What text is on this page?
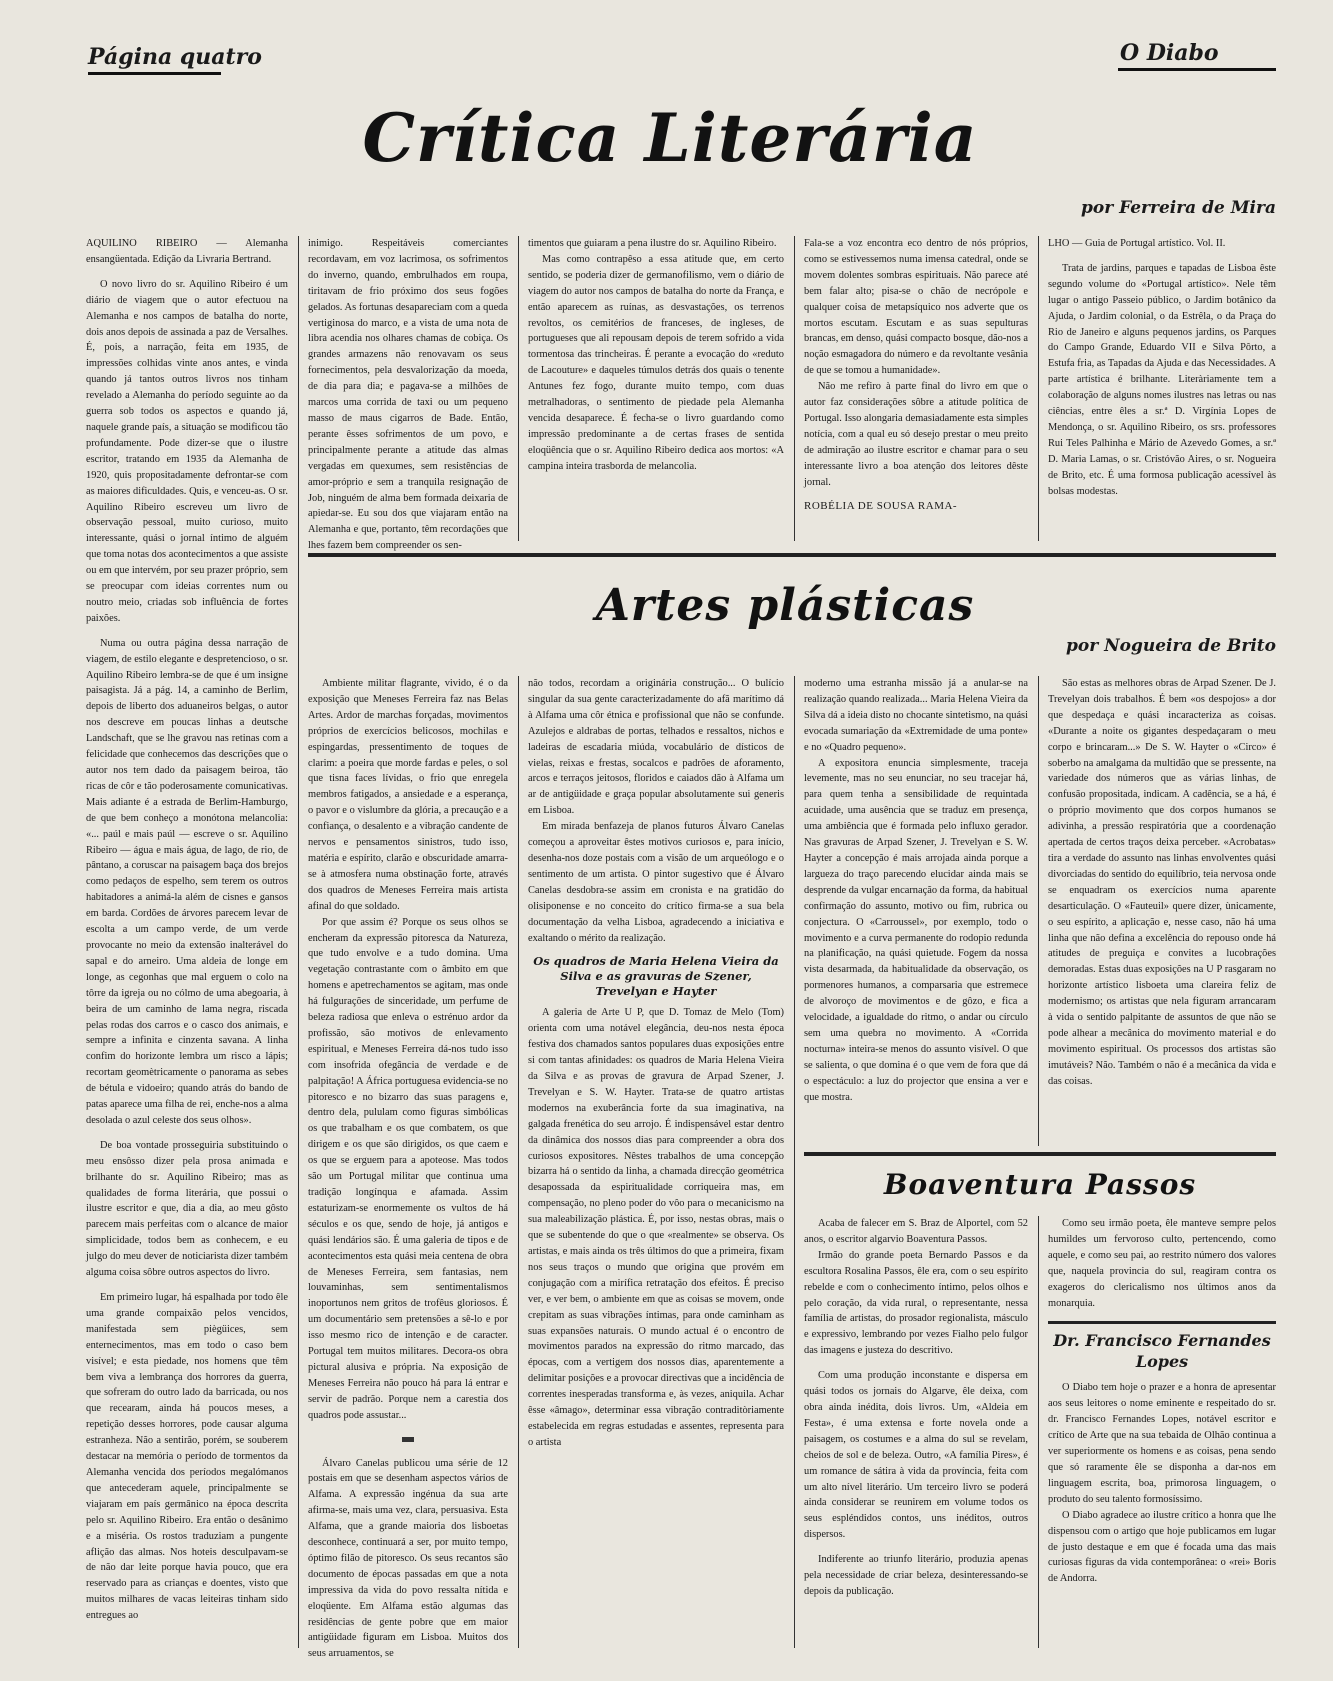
Página quatro	O Diabo
Crítica Literária
por Ferreira de Mira

AQUILINO RIBEIRO — Alemanha ensangüentada. Edição da Livraria Bertrand.

O novo livro do sr. Aquilino Ribeiro é um diário de viagem que o autor efectuou na Alemanha e nos campos de batalha do norte, dois anos depois de assinada a paz de Versalhes. É, pois, a narração, feita em 1935, de impressões colhidas vinte anos antes, e vinda quando já tantos outros livros nos tinham revelado a Alemanha do período seguinte ao da guerra sob todos os aspectos e quando já, naquele grande país, a situação se modificou tão profundamente. Pode dizer-se que o ilustre escritor, tratando em 1935 da Alemanha de 1920, quis propositadamente defrontar-se com as maiores dificuldades. Quis, e venceu-as. O sr. Aquilino Ribeiro escreveu um livro de observação pessoal, muito curioso, muito interessante, quási o jornal íntimo de alguém que toma notas dos acontecimentos a que assiste ou em que intervém, por seu prazer próprio, sem se preocupar com ideias correntes num ou noutro meio, criadas sob influência de fortes paixões.

Numa ou outra página dessa narração de viagem, de estilo elegante e despretencioso, o sr. Aquilino Ribeiro lembra-se de que é um insigne paisagista. Já a pág. 14, a caminho de Berlim, depois de liberto dos aduaneiros belgas, o autor nos descreve em poucas linhas a deutsche Landschaft, que se lhe gravou nas retinas com a felicidade que conhecemos das descrições que o autor nos tem dado da paisagem beiroa, tão ricas de côr e tão poderosamente comunicativas. Mais adiante é a estrada de Berlim-Hamburgo, de que bem conheço a monótona melancolia: «... paúl e mais paúl — escreve o sr. Aquilino Ribeiro — água e mais água, de lago, de rio, de pântano, a coruscar na paisagem baça dos brejos como pedaços de espelho, sem terem os outros habitadores a animá-la além de cisnes e gansos em barda. Cordões de árvores parecem levar de escolta a um campo verde, de um verde provocante no meio da extensão inalterável do sapal e do arneiro. Uma aldeia de longe em longe, as cegonhas que mal erguem o colo na tôrre da igreja ou no cólmo de uma abegoaria, à beira de um caminho de lama negra, riscada pelas rodas dos carros e o casco dos animais, e sempre a infinita e cinzenta savana. A linha confim do horizonte lembra um risco a lápis; recortam geomètricamente o panorama as sebes de bétula e vidoeiro; quando atrás do bando de patas aparece uma filha de rei, enche-nos a alma desolada o azul celeste dos seus olhos».

De boa vontade prosseguiria substituindo o meu ensôsso dizer pela prosa animada e brilhante do sr. Aquilino Ribeiro; mas as qualidades de forma literária, que possui o ilustre escritor e que, dia a dia, ao meu gôsto parecem mais perfeitas com o alcance de maior simplicidade, todos bem as conhecem, e eu julgo do meu dever de noticiarista dizer também alguma coisa sôbre outros aspectos do livro.

Em primeiro lugar, há espalhada por todo êle uma grande compaixão pelos vencidos, manifestada sem piègüices, sem enternecimentos, mas em todo o caso bem visível; e esta piedade, nos homens que têm bem viva a lembrança dos horrores da guerra, que sofreram do outro lado da barricada, ou nos que recearam, ainda há poucos meses, a repetição desses horrores, pode causar alguma estranheza. Não a sentirão, porém, se souberem destacar na memória o período de tormentos da Alemanha vencida dos períodos megalómanos que antecederam aquele, principalmente se viajaram em país germânico na época descrita pelo sr. Aquilino Ribeiro. Era então o desânimo e a miséria. Os rostos traduziam a pungente aflição das almas. Nos hoteis desculpavam-se de não dar leite porque havia pouco, que era reservado para as crianças e doentes, visto que muitos milhares de vacas leiteiras tinham sido entregues ao

inimigo. Respeitáveis comerciantes recordavam, em voz lacrimosa, os sofrimentos do inverno, quando, embrulhados em roupa, tiritavam de frio próximo dos seus fogões gelados. As fortunas desapareciam com a queda vertiginosa do marco, e a vista de uma nota de libra acendia nos olhares chamas de cobiça. Os grandes armazens não renovavam os seus fornecimentos, pela desvalorização da moeda, de dia para dia; e pagava-se a milhões de marcos uma corrida de taxi ou um pequeno masso de maus cigarros de Bade. Então, perante êsses sofrimentos de um povo, e principalmente perante a atitude das almas vergadas em quexumes, sem resistências de amor-próprio e sem a tranquila resignação de Job, ninguém de alma bem formada deixaria de apiedar-se. Eu sou dos que viajaram então na Alemanha e que, portanto, têm recordações que lhes fazem bem compreender os sen-

timentos que guiaram a pena ilustre do sr. Aquilino Ribeiro.

Mas como contrapêso a essa atitude que, em certo sentido, se poderia dizer de germanofilismo, vem o diário de viagem do autor nos campos de batalha do norte da França, e então aparecem as ruínas, as desvastações, os terrenos revoltos, os cemitérios de franceses, de ingleses, de portugueses que ali repousam depois de terem sofrido a vida tormentosa das trincheiras. É perante a evocação do «reduto de Lacouture» e daqueles túmulos detrás dos quais o tenente Antunes fez fogo, durante muito tempo, com duas metralhadoras, o sentimento de piedade pela Alemanha vencida desaparece. É fecha-se o livro guardando como impressão predominante a de certas frases de sentida eloqüência que o sr. Aquilino Ribeiro dedica aos mortos: «A campina inteira trasborda de melancolia.

Fala-se a voz encontra eco dentro de nós próprios, como se estivessemos numa imensa catedral, onde se movem dolentes sombras espirituais. Não parece até bem falar alto; pisa-se o chão de necrópole e qualquer coisa de metapsíquico nos adverte que os mortos escutam. Escutam e as suas sepulturas brancas, em denso, quási compacto bosque, dão-nos a noção esmagadora do número e da revoltante vesânia de que se tomou a humanidade».

Não me refiro à parte final do livro em que o autor faz considerações sôbre a atitude política de Portugal. Isso alongaria demasiadamente esta simples notícia, com a qual eu só desejo prestar o meu preito de admiração ao ilustre escritor e chamar para o seu interessante livro a boa atenção dos leitores dêste jornal.

ROBÉLIA DE SOUSA RAMA-

LHO — Guia de Portugal artístico. Vol. II.

Trata de jardins, parques e tapadas de Lisboa êste segundo volume do «Portugal artístico». Nele têm lugar o antigo Passeio público, o Jardim botânico da Ajuda, o Jardim colonial, o da Estrêla, o da Praça do Rio de Janeiro e alguns pequenos jardins, os Parques do Campo Grande, Eduardo VII e Silva Pôrto, a Estufa fria, as Tapadas da Ajuda e das Necessidades. A parte artística é brilhante. Literàriamente tem a colaboração de alguns nomes ilustres nas letras ou nas ciências, entre êles a sr.ª D. Virgínia Lopes de Mendonça, o sr. Aquilino Ribeiro, os srs. professores Rui Teles Palhinha e Mário de Azevedo Gomes, a sr.ª D. Maria Lamas, o sr. Cristóvão Aires, o sr. Nogueira de Brito, etc. É uma formosa publicação acessível às bolsas modestas.

Artes plásticas
por Nogueira de Brito

Ambiente militar flagrante, vivido, é o da exposição que Meneses Ferreira faz nas Belas Artes. Ardor de marchas forçadas, movimentos próprios de exercícios belicosos, mochilas e espingardas, pressentimento de toques de clarim: a poeira que morde fardas e peles, o sol que tisna faces lívidas, o frio que enregela membros fatigados, a ansiedade e a esperança, o pavor e o vislumbre da glória, a precaução e a confiança, o desalento e a vibração candente de nervos e pensamentos sinistros, tudo isso, matéria e espírito, clarão e obscuridade amarra-se à atmosfera numa obstinação forte, através dos quadros de Meneses Ferreira mais artista afinal do que soldado.

Por que assim é? Porque os seus olhos se encheram da expressão pitoresca da Natureza, que tudo envolve e a tudo domina. Uma vegetação contrastante com o âmbito em que homens e apetrechamentos se agitam, mas onde há fulgurações de sinceridade, um perfume de beleza radiosa que enleva o estrénuo ardor da profissão, são motivos de enlevamento espiritual, e Meneses Ferreira dá-nos tudo isso com insofrida ofegância de verdade e de palpitação! A África portuguesa evidencia-se no pitoresco e no bizarro das suas paragens e, dentro dela, pululam como figuras simbólicas os que trabalham e os que combatem, os que dirigem e os que são dirigidos, os que caem e os que se erguem para a apoteose. Mas todos são um Portugal militar que continua uma tradição longínqua e afamada. Assim estaturizam-se enormemente os vultos de há séculos e os que, sendo de hoje, já antigos e quási lendários são. É uma galeria de tipos e de acontecimentos esta quási meia centena de obra de Meneses Ferreira, sem fantasias, nem louvaminhas, sem sentimentalismos inoportunos nem gritos de trofêus gloriosos. É um documentário sem pretensões a sê-lo e por isso mesmo rico de intenção e de caracter. Portugal tem muitos militares. Decora-os obra pictural alusiva e própria. Na exposição de Meneses Ferreira não pouco há para lá entrar e servir de padrão. Porque nem a carestia dos quadros pode assustar...

Álvaro Canelas publicou uma série de 12 postais em que se desenham aspectos vários de Alfama. A expressão ingénua da sua arte afirma-se, mais uma vez, clara, persuasiva. Esta Alfama, que a grande maioria dos lisboetas desconhece, continuará a ser, por muito tempo, óptimo filão de pitoresco. Os seus recantos são documento de épocas passadas em que a nota impressiva da vida do povo ressalta nítida e eloqüente. Em Alfama estão algumas das residências de gente pobre que em maior antigüidade figuram em Lisboa. Muitos dos seus arruamentos, se

não todos, recordam a originária construção... O bulício singular da sua gente caracterizadamente do afã marítimo dá à Alfama uma côr étnica e profissional que não se confunde. Azulejos e aldrabas de portas, telhados e ressaltos, nichos e ladeiras de escadaria miúda, vocabulário de dísticos de vielas, reixas e frestas, socalcos e padrões de aforamento, arcos e terraços jeitosos, floridos e caiados dão à Alfama um ar de antigüidade e graça popular absolutamente sui generis em Lisboa.

Em mirada benfazeja de planos futuros Álvaro Canelas começou a aproveitar êstes motivos curiosos e, para início, desenha-nos doze postais com a visão de um arqueólogo e o sentimento de um artista. O pintor sugestivo que é Álvaro Canelas desdobra-se assim em cronista e na gratidão do olisiponense e no conceito do crítico firma-se a sua bela documentação da velha Lisboa, agradecendo a iniciativa e exaltando o mérito da realização.

Os quadros de Maria Helena Vieira da Silva e as gravuras de Szener, Trevelyan e Hayter

A galeria de Arte U P, que D. Tomaz de Melo (Tom) orienta com uma notável elegância, deu-nos nesta época festiva dos chamados santos populares duas exposições entre si com tantas afinidades: os quadros de Maria Helena Vieira da Silva e as provas de gravura de Arpad Szener, J. Trevelyan e S. W. Hayter. Trata-se de quatro artistas modernos na exuberância forte da sua imaginativa, na galgada frenética do seu arrojo. É indispensável estar dentro da dinâmica dos nossos dias para compreender a obra dos curiosos expositores. Nêstes trabalhos de uma concepção bizarra há o sentido da linha, a chamada direcção geométrica desapossada da espiritualidade corriqueira mas, em compensação, no pleno poder do vôo para o mecanicismo na sua maleabilização plástica. É, por isso, nestas obras, mais o que se subentende do que o que «realmente» se observa. Os artistas, e mais ainda os três últimos do que a primeira, fixam nos seus traços o mundo que origina que provém em conjugação com a mirífica retratação dos efeitos. É preciso ver, e ver bem, o ambiente em que as coisas se movem, onde crepitam as suas vibrações íntimas, para onde caminham as suas expansões naturais. O mundo actual é o encontro de movimentos parados na expressão do ritmo marcado, das épocas, com a vertigem dos nossos dias, aparentemente a delimitar posições e a provocar directivas que a incidência de correntes inesperadas transforma e, às vezes, aniquila. Achar êsse «âmago», determinar essa vibração contraditòriamente estabelecida em regras estudadas e assentes, representa para o artista

moderno uma estranha missão já a anular-se na realização quando realizada... Maria Helena Vieira da Silva dá a ideia disto no chocante sintetismo, na quási evocada sumariação da «Extremidade de uma ponte» e no «Quadro pequeno».

A expositora enuncia simplesmente, traceja levemente, mas no seu enunciar, no seu tracejar há, para quem tenha a sensibilidade de requintada acuidade, uma ausência que se traduz em presença, uma ambiência que é formada pelo influxo gerador. Nas gravuras de Arpad Szener, J. Trevelyan e S. W. Hayter a concepção é mais arrojada ainda porque a largueza do traço parecendo elucidar ainda mais se desprende da vulgar encarnação da forma, da habitual confirmação do assunto, motivo ou fim, rubrica ou conjectura. O «Carroussel», por exemplo, todo o movimento e a curva permanente do rodopio redunda na planificação, na quási quietude. Fogem da nossa vista desarmada, da habitualidade da observação, os pormenores humanos, a comparsaria que estremece de alvoroço de movimentos e de gôzo, e fica a velocidade, a igualdade do ritmo, o andar ou círculo sem uma quebra no movimento. A «Corrida nocturna» inteira-se menos do assunto visível. O que se salienta, o que domina é o que vem de fora que dá o espectáculo: a luz do projector que ensina a ver e que mostra.

São estas as melhores obras de Arpad Szener. De J. Trevelyan dois trabalhos. É bem «os despojos» a dor que despedaça e quási incaracteriza as coisas. «Durante a noite os gigantes despedaçaram o meu corpo e brincaram...» De S. W. Hayter o «Circo» é soberbo na amalgama da multidão que se pressente, na variedade dos números que as várias linhas, de confusão propositada, indicam. A cadência, se a há, é o próprio movimento que dos corpos humanos se adivinha, a pressão respiratória que a coordenação apertada de certos traços deixa perceber. «Acrobatas» tira a verdade do assunto nas linhas envolventes quási divorciadas do sentido do equilíbrio, teia nervosa onde se enquadram os exercícios numa aparente desarticulação. O «Fauteuil» quere dizer, ùnicamente, o seu espírito, a aplicação e, nesse caso, não há uma linha que não defina a excelência do repouso onde há atitudes de preguiça e convites a lucobrações demoradas. Estas duas exposições na U P rasgaram no horizonte artístico lisboeta uma clareira feliz de modernismo; os artistas que nela figuram arrancaram à vida o sentido palpitante de assuntos de que não se pode alhear a mecânica do movimento material e do movimento espiritual. Os processos dos artistas são imutáveis? Não. Também o não é a mecânica da vida e das coisas.

Boaventura Passos

Acaba de falecer em S. Braz de Alportel, com 52 anos, o escritor algarvio Boaventura Passos.

Irmão do grande poeta Bernardo Passos e da escultora Rosalina Passos, êle era, com o seu espírito rebelde e com o conhecimento íntimo, pelos olhos e pelo coração, da vida rural, o representante, nessa família de artistas, do prosador regionalista, másculo e expressivo, lembrando por vezes Fialho pelo fulgor das imagens e justeza do descritivo.

Com uma produção inconstante e dispersa em quási todos os jornais do Algarve, êle deixa, com obra ainda inédita, dois livros. Um, «Aldeia em Festa», é uma extensa e forte novela onde a paisagem, os costumes e a alma do sul se revelam, cheios de sol e de beleza. Outro, «A família Pires», é um romance de sátira à vida da província, feita com um alto nível literário. Um terceiro livro se poderá ainda considerar se reunirem em volume todos os seus espléndidos contos, uns inéditos, outros dispersos.

Indiferente ao triunfo literário, produzia apenas pela necessidade de criar beleza, desinteressando-se depois da publicação.

Como seu irmão poeta, êle manteve sempre pelos humildes um fervoroso culto, pertencendo, como aquele, e como seu pai, ao restrito número dos valores que, naquela provincia do sul, reagiram contra os exageros do clericalismo nos últimos anos da monarquia.

Dr. Francisco Fernandes Lopes

O Diabo tem hoje o prazer e a honra de apresentar aos seus leitores o nome eminente e respeitado do sr. dr. Francisco Fernandes Lopes, notável escritor e crítico de Arte que na sua tebaida de Olhão continua a ver superiormente os homens e as coisas, pena sendo que só raramente êle se disponha a dar-nos em linguagem escrita, boa, primorosa linguagem, o produto do seu talento formosíssimo.

O Diabo agradece ao ilustre crítico a honra que lhe dispensou com o artigo que hoje publicamos em lugar de justo destaque e em que é focada uma das mais curiosas figuras da vida contemporânea: o «rei» Boris de Andorra.
